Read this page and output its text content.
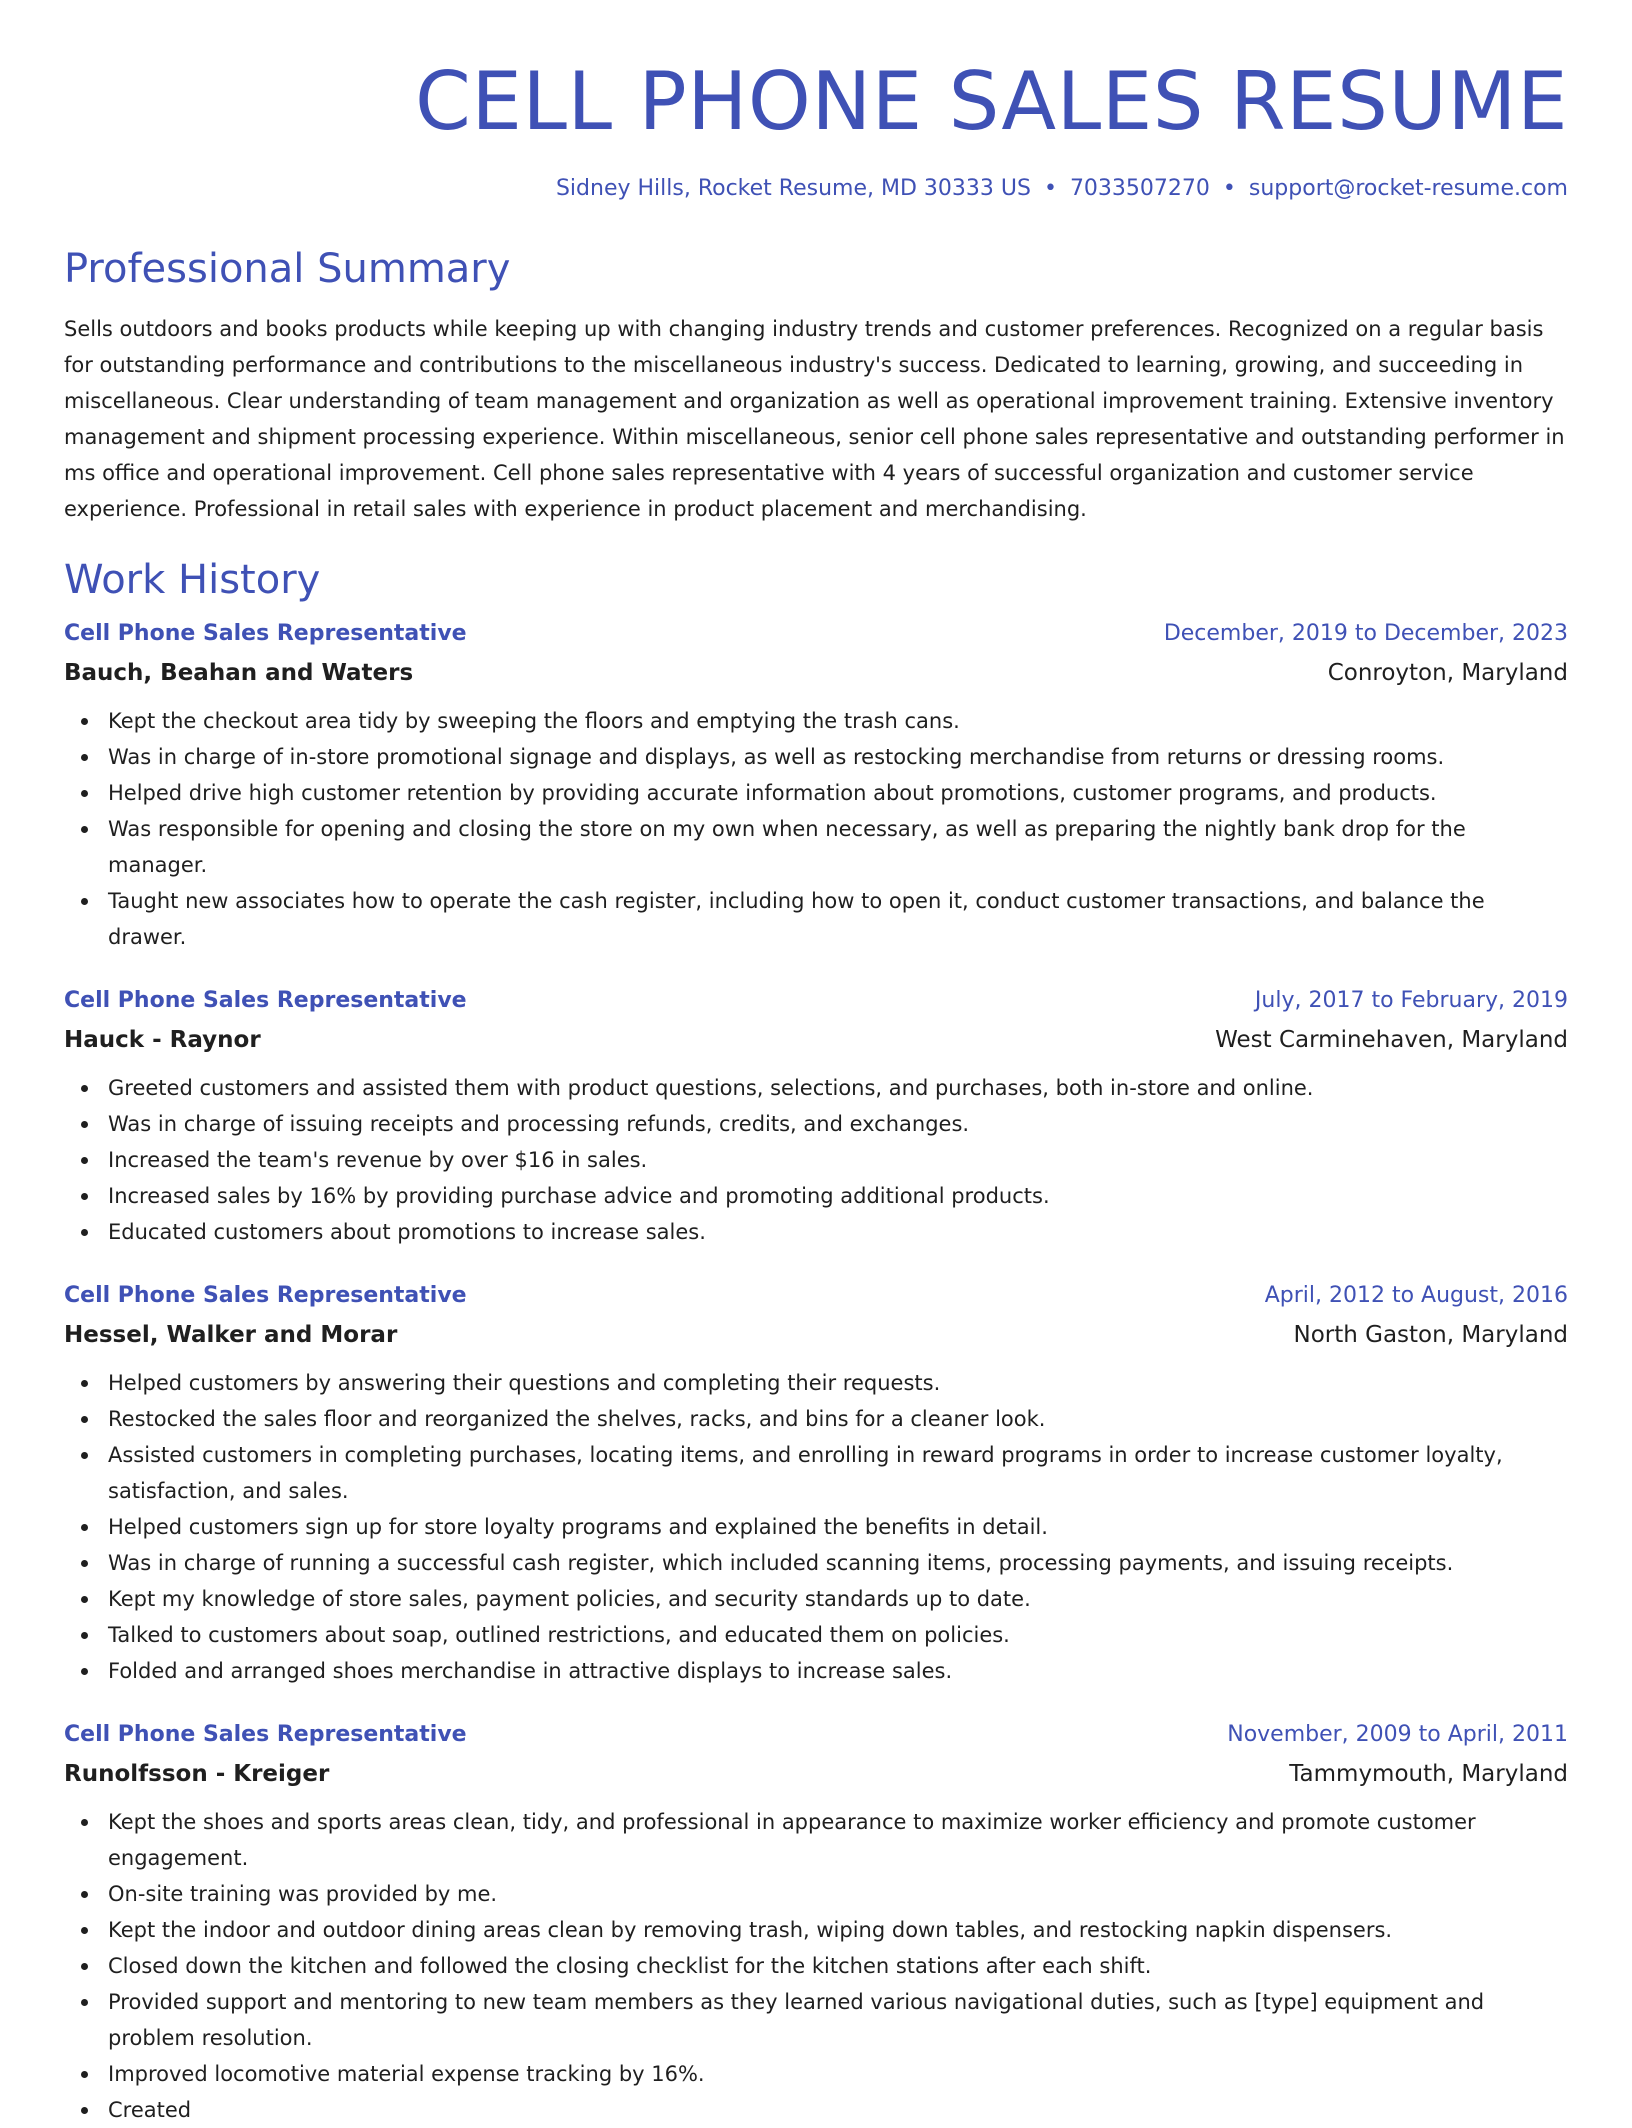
CELL PHONE SALES RESUME
Sidney Hills, Rocket Resume, MD 30333 US • 7033507270 • support@rocket-resume.com
Professional Summary

Sells outdoors and books products while keeping up with changing industry trends and customer preferences. Recognized on a regular basis for outstanding performance and contributions to the miscellaneous industry's success. Dedicated to learning, growing, and succeeding in miscellaneous. Clear understanding of team management and organization as well as operational improvement training. Extensive inventory management and shipment processing experience. Within miscellaneous, senior cell phone sales representative and outstanding performer in ms office and operational improvement. Cell phone sales representative with 4 years of successful organization and customer service experience. Professional in retail sales with experience in product placement and merchandising.

Work History
Cell Phone Sales Representative	December, 2019 to December, 2023
Bauch, Beahan and Waters	Conroyton, Maryland
Kept the checkout area tidy by sweeping the floors and emptying the trash cans.
Was in charge of in-store promotional signage and displays, as well as restocking merchandise from returns or dressing rooms.
Helped drive high customer retention by providing accurate information about promotions, customer programs, and products.
Was responsible for opening and closing the store on my own when necessary, as well as preparing the nightly bank drop for the manager.
Taught new associates how to operate the cash register, including how to open it, conduct customer transactions, and balance the drawer.
Cell Phone Sales Representative	July, 2017 to February, 2019
Hauck - Raynor	West Carminehaven, Maryland
Greeted customers and assisted them with product questions, selections, and purchases, both in-store and online.
Was in charge of issuing receipts and processing refunds, credits, and exchanges.
Increased the team's revenue by over $16 in sales.
Increased sales by 16% by providing purchase advice and promoting additional products.
Educated customers about promotions to increase sales.
Cell Phone Sales Representative	April, 2012 to August, 2016
Hessel, Walker and Morar	North Gaston, Maryland
Helped customers by answering their questions and completing their requests.
Restocked the sales floor and reorganized the shelves, racks, and bins for a cleaner look.
Assisted customers in completing purchases, locating items, and enrolling in reward programs in order to increase customer loyalty, satisfaction, and sales.
Helped customers sign up for store loyalty programs and explained the benefits in detail.
Was in charge of running a successful cash register, which included scanning items, processing payments, and issuing receipts.
Kept my knowledge of store sales, payment policies, and security standards up to date.
Talked to customers about soap, outlined restrictions, and educated them on policies.
Folded and arranged shoes merchandise in attractive displays to increase sales.
Cell Phone Sales Representative	November, 2009 to April, 2011
Runolfsson - Kreiger	Tammymouth, Maryland
Kept the shoes and sports areas clean, tidy, and professional in appearance to maximize worker efficiency and promote customer engagement.
On-site training was provided by me.
Kept the indoor and outdoor dining areas clean by removing trash, wiping down tables, and restocking napkin dispensers.
Closed down the kitchen and followed the closing checklist for the kitchen stations after each shift.
Provided support and mentoring to new team members as they learned various navigational duties, such as [type] equipment and problem resolution.
Improved locomotive material expense tracking by 16%.
Created
